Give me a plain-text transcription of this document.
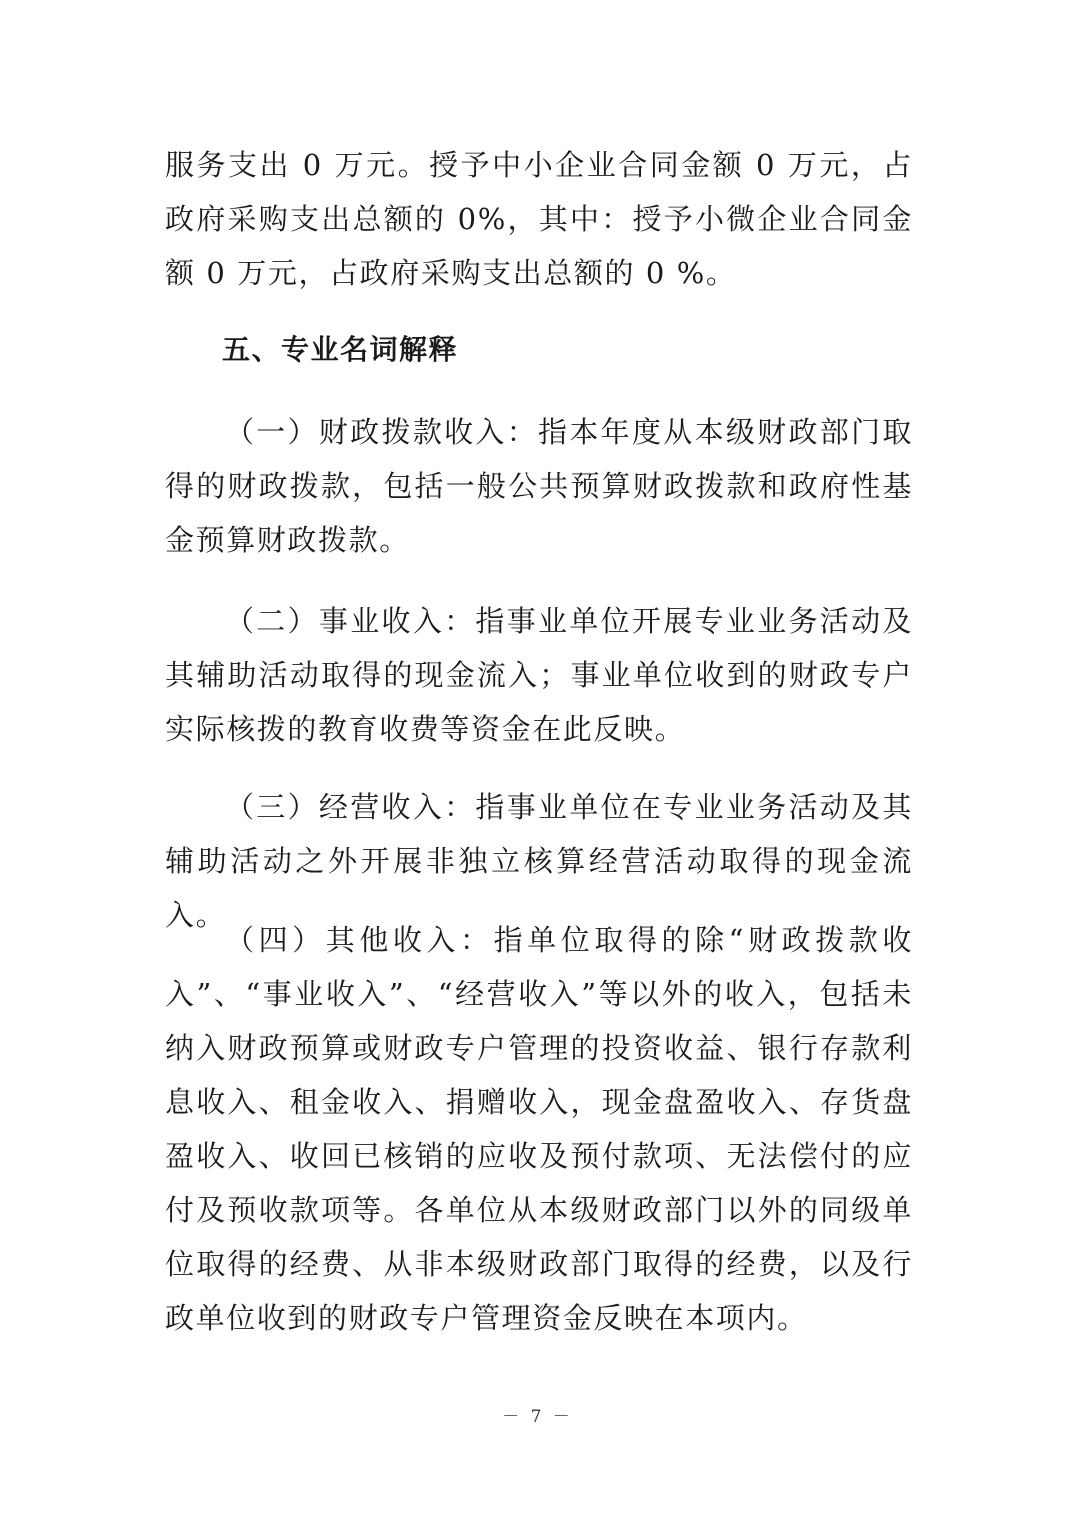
服务支出 0 万元。授予中小企业合同金额 0 万元，占政府采购支出总额的 0%，其中：授予小微企业合同金额 0 万元，占政府采购支出总额的 0 %。

五、专业名词解释

（一）财政拨款收入：指本年度从本级财政部门取得的财政拨款，包括一般公共预算财政拨款和政府性基金预算财政拨款。

（二）事业收入：指事业单位开展专业业务活动及其辅助活动取得的现金流入；事业单位收到的财政专户实际核拨的教育收费等资金在此反映。

（三）经营收入：指事业单位在专业业务活动及其辅助活动之外开展非独立核算经营活动取得的现金流入。

（四）其他收入：指单位取得的除“财政拨款收入”、“事业收入”、“经营收入”等以外的收入，包括未纳入财政预算或财政专户管理的投资收益、银行存款利息收入、租金收入、捐赠收入，现金盘盈收入、存货盘盈收入、收回已核销的应收及预付款项、无法偿付的应付及预收款项等。各单位从本级财政部门以外的同级单位取得的经费、从非本级财政部门取得的经费，以及行政单位收到的财政专户管理资金反映在本项内。

－ 7 －
